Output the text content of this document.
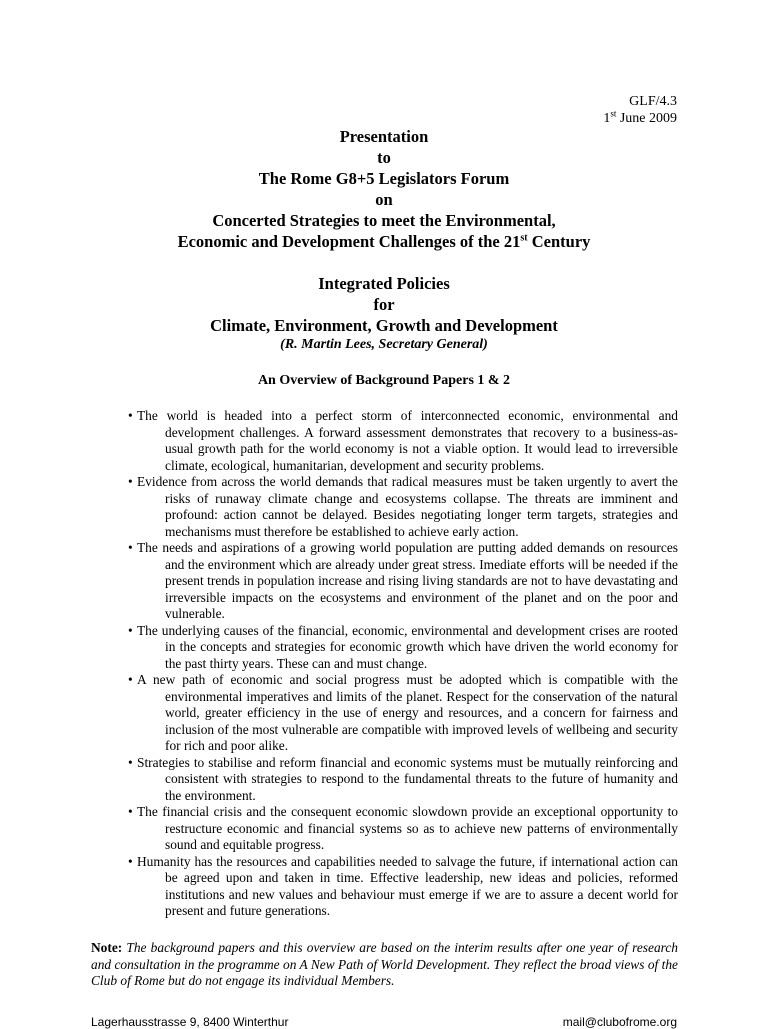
GLF/4.3
1st June 2009
Presentation
to
The Rome G8+5 Legislators Forum
on
Concerted Strategies to meet the Environmental,
Economic and Development Challenges of the 21st Century
Integrated Policies
for
Climate, Environment, Growth and Development
(R. Martin Lees, Secretary General)
An Overview of Background Papers 1 & 2
• The world is headed into a perfect storm of interconnected economic, environmental and development challenges. A forward assessment demonstrates that recovery to a business-as-usual growth path for the world economy is not a viable option. It would lead to irreversible climate, ecological, humanitarian, development and security problems.
• Evidence from across the world demands that radical measures must be taken urgently to avert the risks of runaway climate change and ecosystems collapse. The threats are imminent and profound: action cannot be delayed. Besides negotiating longer term targets, strategies and mechanisms must therefore be established to achieve early action.
• The needs and aspirations of a growing world population are putting added demands on resources and the environment which are already under great stress. Imediate efforts will be needed if the present trends in population increase and rising living standards are not to have devastating and irreversible impacts on the ecosystems and environment of the planet and on the poor and vulnerable.
• The underlying causes of the financial, economic, environmental and development crises are rooted in the concepts and strategies for economic growth which have driven the world economy for the past thirty years. These can and must change.
• A new path of economic and social progress must be adopted which is compatible with the environmental imperatives and limits of the planet. Respect for the conservation of the natural world, greater efficiency in the use of energy and resources, and a concern for fairness and inclusion of the most vulnerable are compatible with improved levels of wellbeing and security for rich and poor alike.
• Strategies to stabilise and reform financial and economic systems must be mutually reinforcing and consistent with strategies to respond to the fundamental threats to the future of humanity and the environment.
• The financial crisis and the consequent economic slowdown provide an exceptional opportunity to restructure economic and financial systems so as to achieve new patterns of environmentally sound and equitable progress.
• Humanity has the resources and capabilities needed to salvage the future, if international action can be agreed upon and taken in time. Effective leadership, new ideas and policies, reformed institutions and new values and behaviour must emerge if we are to assure a decent world for present and future generations.
Note: The background papers and this overview are based on the interim results after one year of research and consultation in the programme on A New Path of World Development. They reflect the broad views of the Club of Rome but do not engage its individual Members.
Lagerhausstrasse 9, 8400 Winterthur	mail@clubofrome.org
